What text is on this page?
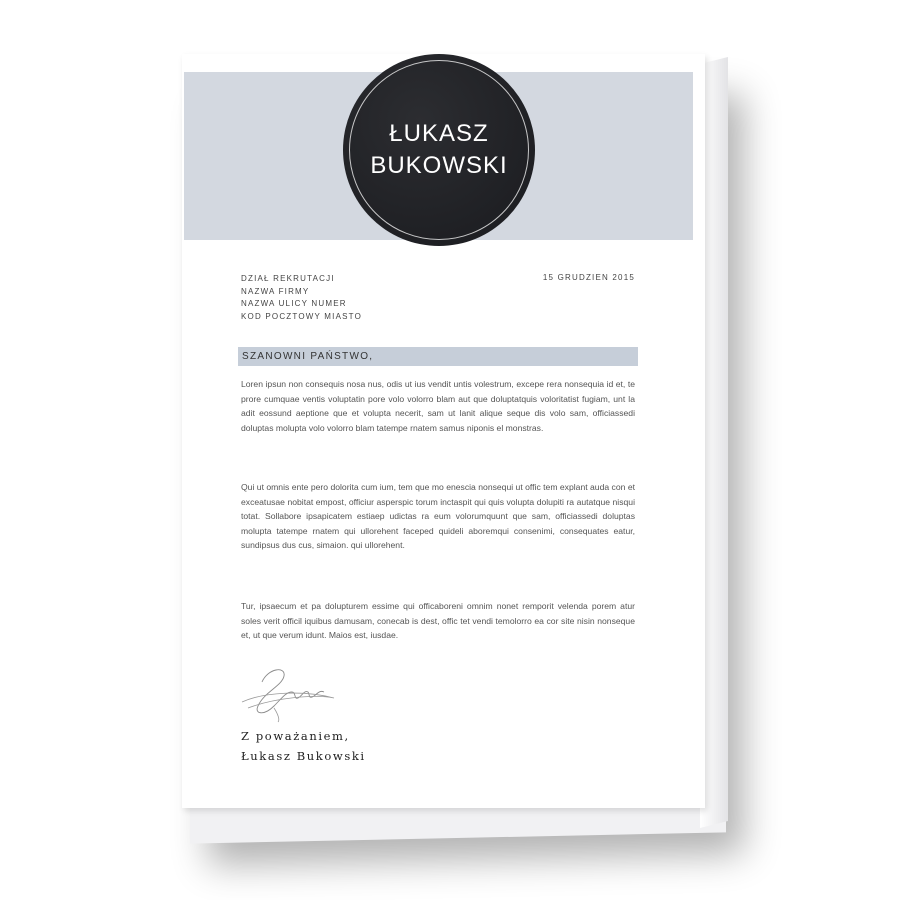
ŁUKASZ
BUKOWSKI
DZIAŁ REKRUTACJI
NAZWA FIRMY
NAZWA ULICY NUMER
KOD POCZTOWY MIASTO
15 GRUDZIEN 2015
SZANOWNI PAŃSTWO,

Loren ipsun non consequis nosa nus, odis ut ius vendit untis volestrum, excepe rera nonsequia id et, te prore cumquae ventis voluptatin pore volo volorro blam aut que doluptatquis voloritatist fugiam, unt la adit eossund aeptione que et volupta necerit, sam ut lanit alique seque dis volo sam, officiassedi doluptas molupta volo volorro blam tatempe rnatem samus niponis el monstras.

Qui ut omnis ente pero dolorita cum ium, tem que mo enescia nonsequi ut offic tem explant auda con et exceatusae nobitat empost, officiur asperspic torum inctaspit qui quis volupta dolupiti ra autatque nisqui totat. Sollabore ipsapicatem estiaep udictas ra eum volorumquunt que sam, officiassedi doluptas molupta tatempe rnatem qui ullorehent faceped quideli aboremqui consenimi, consequates eatur, sundipsus dus cus, simaion. qui ullorehent.

Tur, ipsaecum et pa dolupturem essime qui officaboreni omnim nonet remporit velenda porem atur soles verit officil iquibus damusam, conecab is dest, offic tet vendi temolorro ea cor site nisin nonseque et, ut que verum idunt. Maios est, iusdae.

Z poważaniem,
Łukasz Bukowski
